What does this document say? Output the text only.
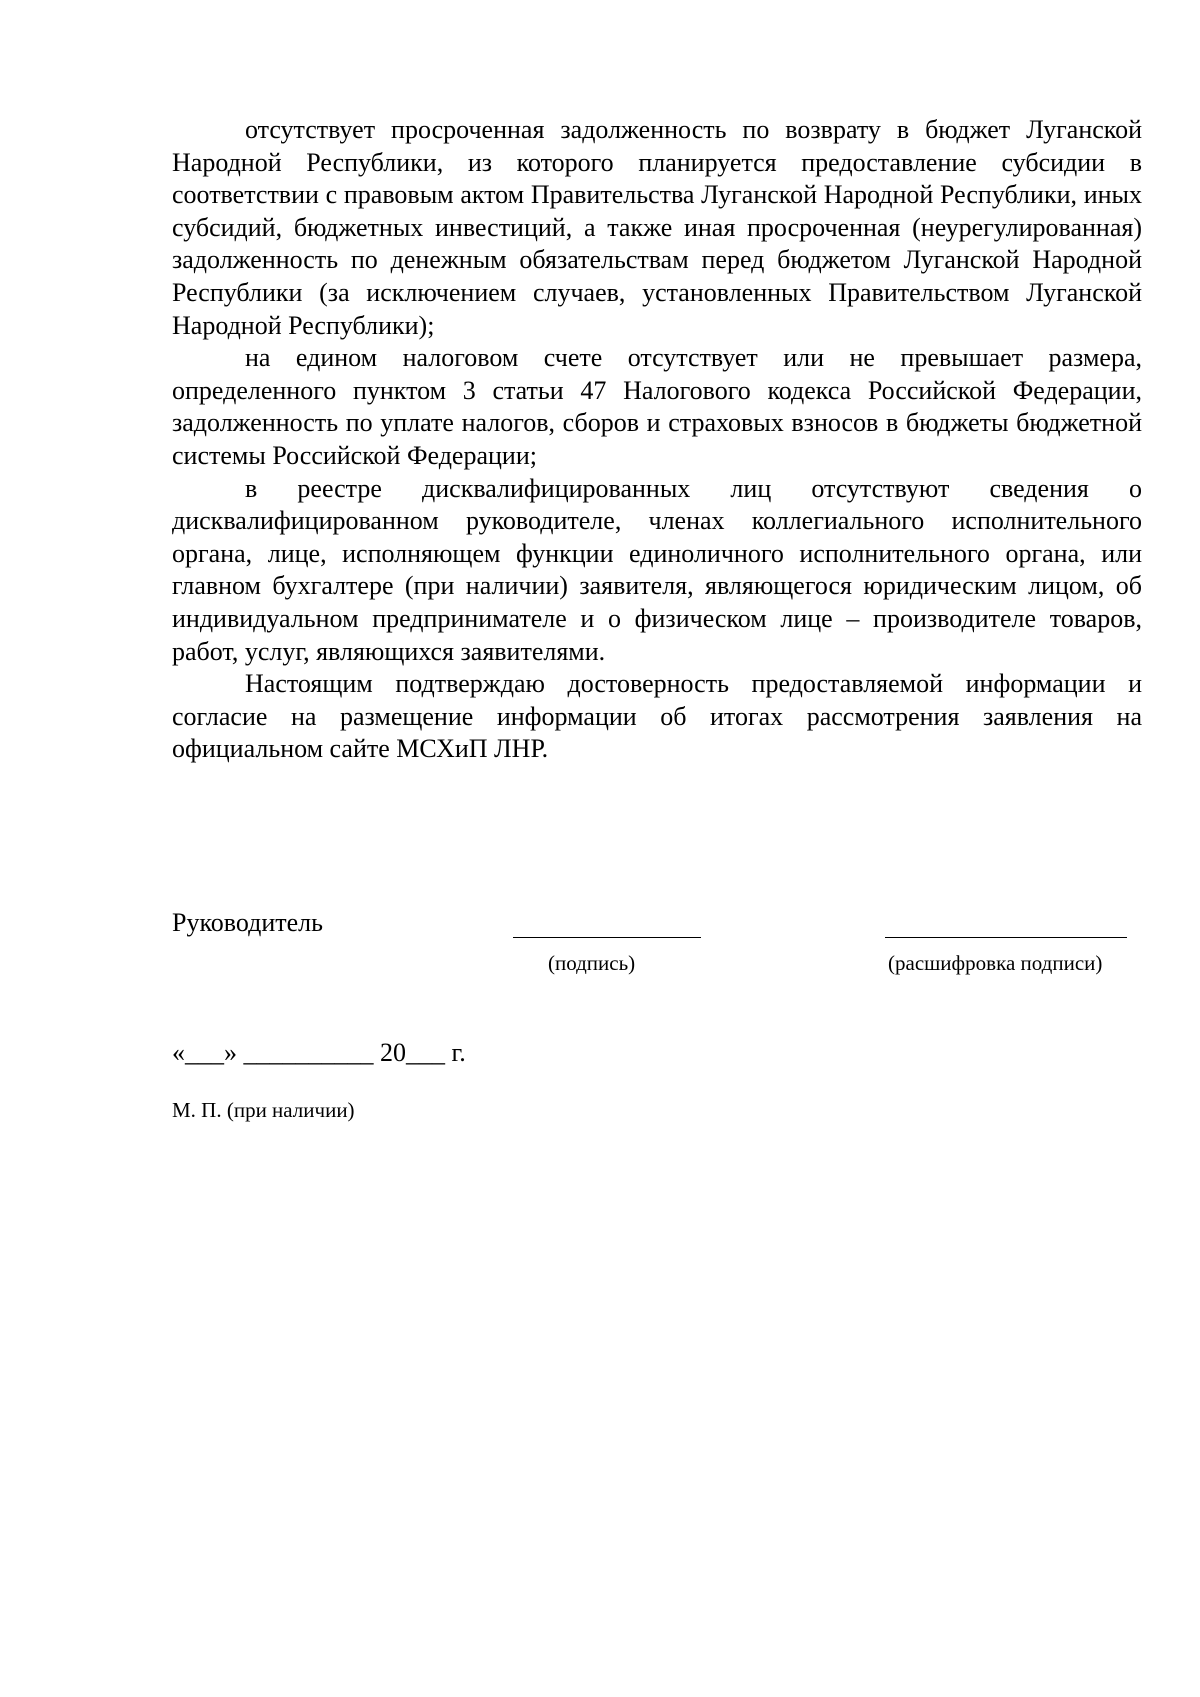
отсутствует просроченная задолженность по возврату в бюджет Луганской Народной Республики, из которого планируется предоставление субсидии в соответствии с правовым актом Правительства Луганской Народной Республики, иных субсидий, бюджетных инвестиций, а также иная просроченная (неурегулированная) задолженность по денежным обязательствам перед бюджетом Луганской Народной Республики (за исключением случаев, установленных Правительством Луганской Народной Республики);

на едином налоговом счете отсутствует или не превышает размера, определенного пунктом 3 статьи 47 Налогового кодекса Российской Федерации, задолженность по уплате налогов, сборов и страховых взносов в бюджеты бюджетной системы Российской Федерации;

в реестре дисквалифицированных лиц отсутствуют сведения о дисквалифицированном руководителе, членах коллегиального исполнительного органа, лице, исполняющем функции единоличного исполнительного органа, или главном бухгалтере (при наличии) заявителя, являющегося юридическим лицом, об индивидуальном предпринимателе и о физическом лице – производителе товаров, работ, услуг, являющихся заявителями.

Настоящим подтверждаю достоверность предоставляемой информации и согласие на размещение информации об итогах рассмотрения заявления на официальном сайте МСХиП ЛНР.

Руководитель
(подпись)	(расшифровка подписи)
«___» __________ 20___ г.
М. П. (при наличии)
